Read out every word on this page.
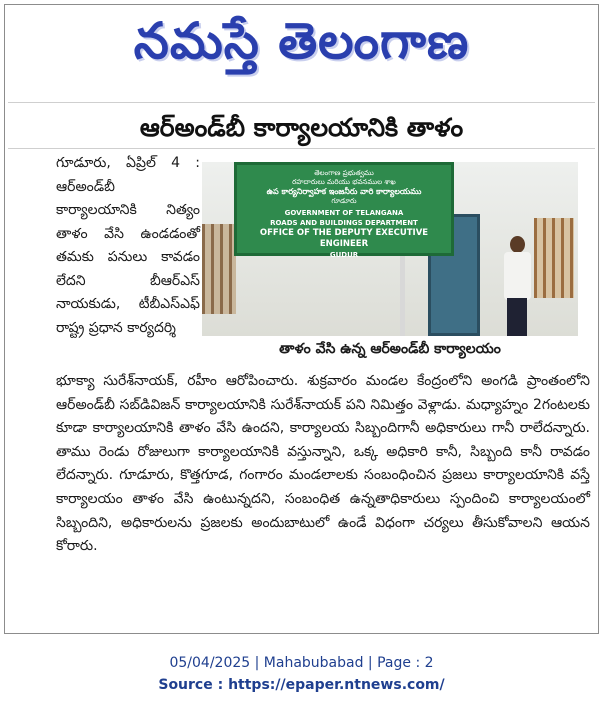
నమస్తే తెలంగాణ
ఆర్‌అండ్‌బీ కార్యాలయానికి తాళం

గూడూరు, ఏప్రిల్ 4 : ఆర్‌అండ్‌బీ కార్యాలయానికి నిత్యం తాళం వేసి ఉండడంతో తమకు పనులు కావడం లేదని బీఆర్‌ఎస్ నాయకుడు, టీబీఎస్‌ఎఫ్ రాష్ట్ర ప్రధాన కార్యదర్శి

తెలంగాణ ప్రభుత్వము
రహదారులు మరియు భవనముల శాఖ
ఉప కార్యనిర్వాహక ఇంజనీరు వారి కార్యాలయము
గూడూరు
GOVERNMENT OF TELANGANA
ROADS AND BUILDINGS DEPARTMENT
OFFICE OF THE DEPUTY EXECUTIVE ENGINEER
GUDUR
తాళం వేసి ఉన్న ఆర్‌అండ్‌బీ కార్యాలయం

భూక్యా సురేశ్‌నాయక్, రహీం ఆరోపించారు. శుక్రవారం మండల కేంద్రంలోని అంగడి ప్రాంతంలోని ఆర్‌అండ్‌బీ సబ్‌డివిజన్ కార్యాలయానికి సురేశ్‌నాయక్ పని నిమిత్తం వెళ్లాడు. మధ్యాహ్నం 2గంటలకు కూడా కార్యాలయానికి తాళం వేసి ఉందని, కార్యాలయ సిబ్బందిగానీ అధికారులు గానీ రాలేదన్నారు. తాము రెండు రోజులుగా కార్యాలయానికి వస్తున్నాని, ఒక్క అధికారి కానీ, సిబ్బంది కానీ రావడం లేదన్నారు. గూడూరు, కొత్తగూడ, గంగారం మండలాలకు సంబంధించిన ప్రజలు కార్యాలయానికి వస్తే కార్యాలయం తాళం వేసి ఉంటున్నదని, సంబంధిత ఉన్నతాధికారులు స్పందించి కార్యాలయంలో సిబ్బందిని, అధికారులను ప్రజలకు అందుబాటులో ఉండే విధంగా చర్యలు తీసుకోవాలని ఆయన కోరారు.

05/04/2025 | Mahabubabad | Page : 2
Source : https://epaper.ntnews.com/
